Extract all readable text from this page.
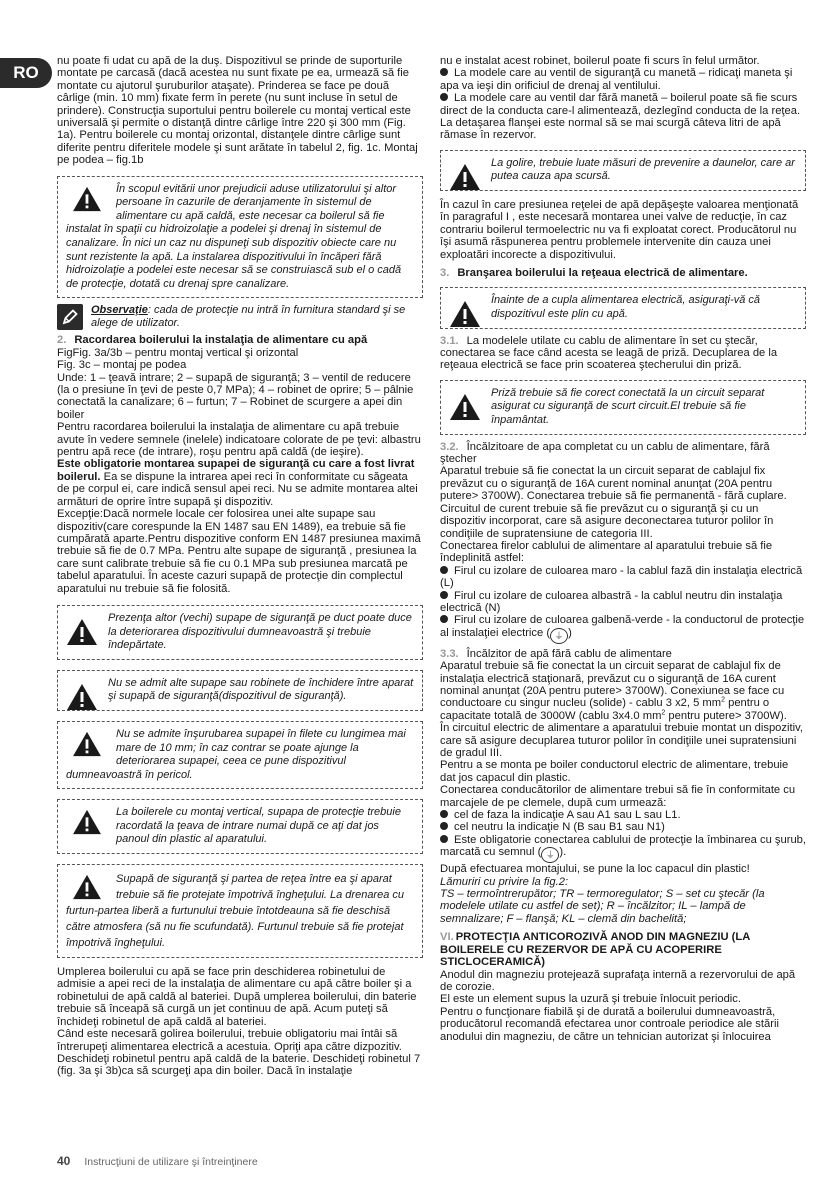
RO

nu poate fi udat cu apă de la duş. Dispozitivul se prinde de suporturile montate pe carcasă (dacă acestea nu sunt fixate pe ea, urmează să fie montate cu ajutorul şuruburilor ataşate). Prinderea se face pe două cârlige (min. 10 mm) fixate ferm în perete (nu sunt incluse în setul de prindere). Construcţia suportului pentru boilerele cu montaj vertical este universală şi permite o distanţă dintre cârlige între 220 şi 300 mm (Fig. 1a). Pentru boilerele cu montaj orizontal, distanţele dintre cârlige sunt diferite pentru diferitele modele şi sunt arătate în tabelul 2, fig. 1c. Montaj pe podea – fig.1b

În scopul evitării unor prejudicii aduse utilizatorului şi altor persoane în cazurile de deranjamente în sistemul de alimentare cu apă caldă, este necesar ca boilerul să fie instalat în spaţii cu hidroizolaţie a podelei şi drenaj în sistemul de canalizare. În nici un caz nu dispuneţi sub dispozitiv obiecte care nu sunt rezistente la apă. La instalarea dispozitivului în încăperi fără hidroizolaţie a podelei este necesar să se construiască sub el o cadă de protecţie, dotată cu drenaj spre canalizare.
Observaţie: cada de protecţie nu intră în furnitura standard şi se alege de utilizator.

2. Racordarea boilerului la instalaţia de alimentare cu apă

FigFig. 3a/3b – pentru montaj vertical şi orizontal

Fig. 3c – montaj pe podea

Unde: 1 – ţeavă intrare; 2 – supapă de siguranţă; 3 – ventil de reducere (la o presiune în ţevi de peste 0,7 MPa); 4 – robinet de oprire; 5 – pâlnie conectată la canalizare; 6 – furtun; 7 – Robinet de scurgere a apei din boiler

Pentru racordarea boilerului la instalaţia de alimentare cu apă trebuie avute în vedere semnele (inelele) indicatoare colorate de pe ţevi: albastru pentru apă rece (de intrare), roşu pentru apă caldă (de ieşire).

Este obligatorie montarea supapei de siguranţă cu care a fost livrat boilerul. Ea se dispune la intrarea apei reci în conformitate cu săgeata de pe corpul ei, care indică sensul apei reci. Nu se admite montarea altei armături de oprire între supapă şi dispozitiv.

Excepţie:Dacă normele locale cer folosirea unei alte supape sau dispozitiv(care corespunde la EN 1487 sau EN 1489), ea trebuie să fie cumpărată aparte.Pentru dispozitive conform EN 1487 presiunea maximă trebuie să fie de 0.7 MPa. Pentru alte supape de siguranţă , presiunea la care sunt calibrate trebuie să fie cu 0.1 MPa sub presiunea marcată pe tabelul aparatului. În aceste cazuri supapă de protecţie din complectul aparatului nu trebuie să fie folosită.

Prezenţa altor (vechi) supape de siguranţă pe duct poate duce la deteriorarea dispozitivului dumneavoastră şi trebuie îndepărtate.
Nu se admit alte supape sau robinete de închidere între aparat şi supapă de siguranţă(dispozitivul de siguranţă).
Nu se admite înşurubarea supapei în filete cu lungimea mai mare de 10 mm; în caz contrar se poate ajunge la deteriorarea supapei, ceea ce pune dispozitivul dumneavoastră în pericol.
La boilerele cu montaj vertical, supapa de protecţie trebuie racordată la ţeava de intrare numai după ce aţi dat jos panoul din plastic al aparatului.
Supapă de siguranţă şi partea de reţea între ea şi aparat trebuie să fie protejate împotrivă îngheţului. La drenarea cu furtun-partea liberă a furtunului trebuie întotdeauna să fie deschisă către atmosfera (să nu fie scufundată). Furtunul trebuie să fie protejat împotrivă îngheţului.

Umplerea boilerului cu apă se face prin deschiderea robinetului de admisie a apei reci de la instalaţia de alimentare cu apă către boiler şi a robinetului de apă caldă al bateriei. După umplerea boilerului, din baterie trebuie să înceapă să curgă un jet continuu de apă. Acum puteţi să închideţi robinetul de apă caldă al bateriei.

Când este necesară golirea boilerului, trebuie obligatoriu mai întâi să întrerupeţi alimentarea electrică a acestuia. Opriţi apa către dizpozitiv. Deschideţi robinetul pentru apă caldă de la baterie. Deschideţi robinetul 7 (fig. 3a şi 3b)ca să scurgeţi apa din boiler. Dacă în instalaţie

nu e instalat acest robinet, boilerul poate fi scurs în felul următor.

La modele care au ventil de siguranţă cu manetă – ridicaţi maneta şi apa va ieşi din orificiul de drenaj al ventilului.

La modele care au ventil dar fără manetă – boilerul poate să fie scurs direct de la conducta care-l alimentează, dezlegînd conducta de la reţea. La detaşarea flanşei este normal să se mai scurgă câteva litri de apă rămase în rezervor.

La golire, trebuie luate măsuri de prevenire a daunelor, care ar putea cauza apa scursă.

În cazul în care presiunea reţelei de apă depăşeşte valoarea menţionată în paragraful I , este necesară montarea unei valve de reducţie, în caz contrariu boilerul termoelectric nu va fi exploatat corect. Producătorul nu îşi asumă răspunerea pentru problemele intervenite din cauza unei exploatări incorecte a dispozitivului.

3. Branşarea boilerului la reţeaua electrică de alimentare.

Înainte de a cupla alimentarea electrică, asiguraţi-vă că dispozitivul este plin cu apă.

3.1. La modelele utilate cu cablu de alimentare în set cu ştecăr, conectarea se face când acesta se leagă de priză. Decuplarea de la reţeaua electrică se face prin scoaterea ştecherului din priză.

Priză trebuie să fie corect conectată la un circuit separat asigurat cu siguranţă de scurt circuit.El trebuie să fie înpamântat.

3.2. Încălzitoare de apa completat cu un cablu de alimentare, fără ştecher

Aparatul trebuie să fie conectat la un circuit separat de cablajul fix prevăzut cu o siguranţă de 16A curent nominal anunţat (20A pentru putere> 3700W). Conectarea trebuie să fie permanentă - fără cuplare. Circuitul de curent trebuie să fie prevăzut cu o siguranţă şi cu un dispozitiv incorporat, care să asigure deconectarea tuturor polilor în condiţiile de supratensiune de categoria III.

Conectarea firelor cablului de alimentare al aparatului trebuie să fie îndeplinită astfel:

Firul cu izolare de culoarea maro - la cablul fază din instalaţia electrică (L)

Firul cu izolare de culoarea albastră - la cablul neutru din instalaţia electrică (N)

Firul cu izolare de culoarea galbenă-verde - la conductorul de protecţie al instalaţiei electrice ( ⏚ )

3.3. Încălzitor de apă fără cablu de alimentare

Aparatul trebuie să fie conectat la un circuit separat de cablajul fix de instalaţia electrică staţionară, prevăzut cu o siguranţă de 16A curent nominal anunţat (20A pentru putere> 3700W). Conexiunea se face cu conductoare cu singur nucleu (solide) - cablu 3 x2, 5 $mm^2$ pentru o capacitate totală de 3000W (cablu 3x4.0 $mm^2$ pentru putere> 3700W).

În circuitul electric de alimentare a aparatului trebuie montat un dispozitiv, care să asigure decuplarea tuturor polilor în condiţiile unei supratensiuni de gradul III.

Pentru a se monta pe boiler conductorul electric de alimentare, trebuie dat jos capacul din plastic.

Conectarea conducătorilor de alimentare trebui să fie în conformitate cu marcajele de pe clemele, după cum urmează:

cel de faza la indicaţie A sau A1 sau L sau L1.

cel neutru la indicaţie N (B sau B1 sau N1)

Este obligatorie conectarea cablului de protecţie la îmbinarea cu şurub, marcată cu semnul ( ⏚ ).

După efectuarea montajului, se pune la loc capacul din plastic!

Lămuriri cu privire la fig.2:

TS – termoîntrerupător; TR – termoregulator; S – set cu ştecăr (la modelele utilate cu astfel de set); R – încălzitor; IL – lampă de semnalizare; F – flanşă; KL – clemă din bachelită;

VI. PROTECŢIA ANTICOROZIVĂ ANOD DIN MAGNEZIU (LA BOILERELE CU REZERVOR DE APĂ CU ACOPERIRE STICLOCERAMICĂ)

Anodul din magneziu protejează suprafaţa internă a rezervorului de apă de corozie.

El este un element supus la uzură şi trebuie înlocuit periodic.

Pentru o funcţionare fiabilă şi de durată a boilerului dumneavoastră, producătorul recomandă efectarea unor controale periodice ale stării anodului din magneziu, de către un tehnician autorizat şi înlocuirea

40 Instrucţiuni de utilizare şi întreinţinere
